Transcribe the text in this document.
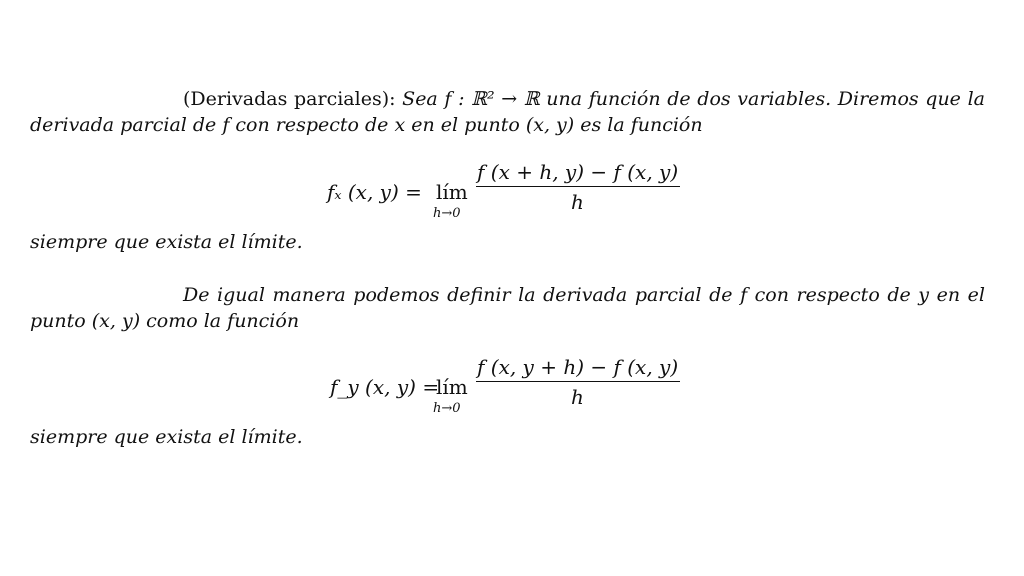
(Derivadas parciales): Sea f : ℝ² → ℝ una función de dos variables. Diremos que la
derivada parcial de f con respecto de x en el punto (x, y) es la función
fₓ (x, y) = lím
h→0
f (x + h, y) − f (x, y)
h
siempre que exista el límite.
De igual manera podemos definir la derivada parcial de f con respecto de y en el
punto (x, y) como la función
f_y (x, y) =
lím
h→0
f (x, y + h) − f (x, y)
h
siempre que exista el límite.
